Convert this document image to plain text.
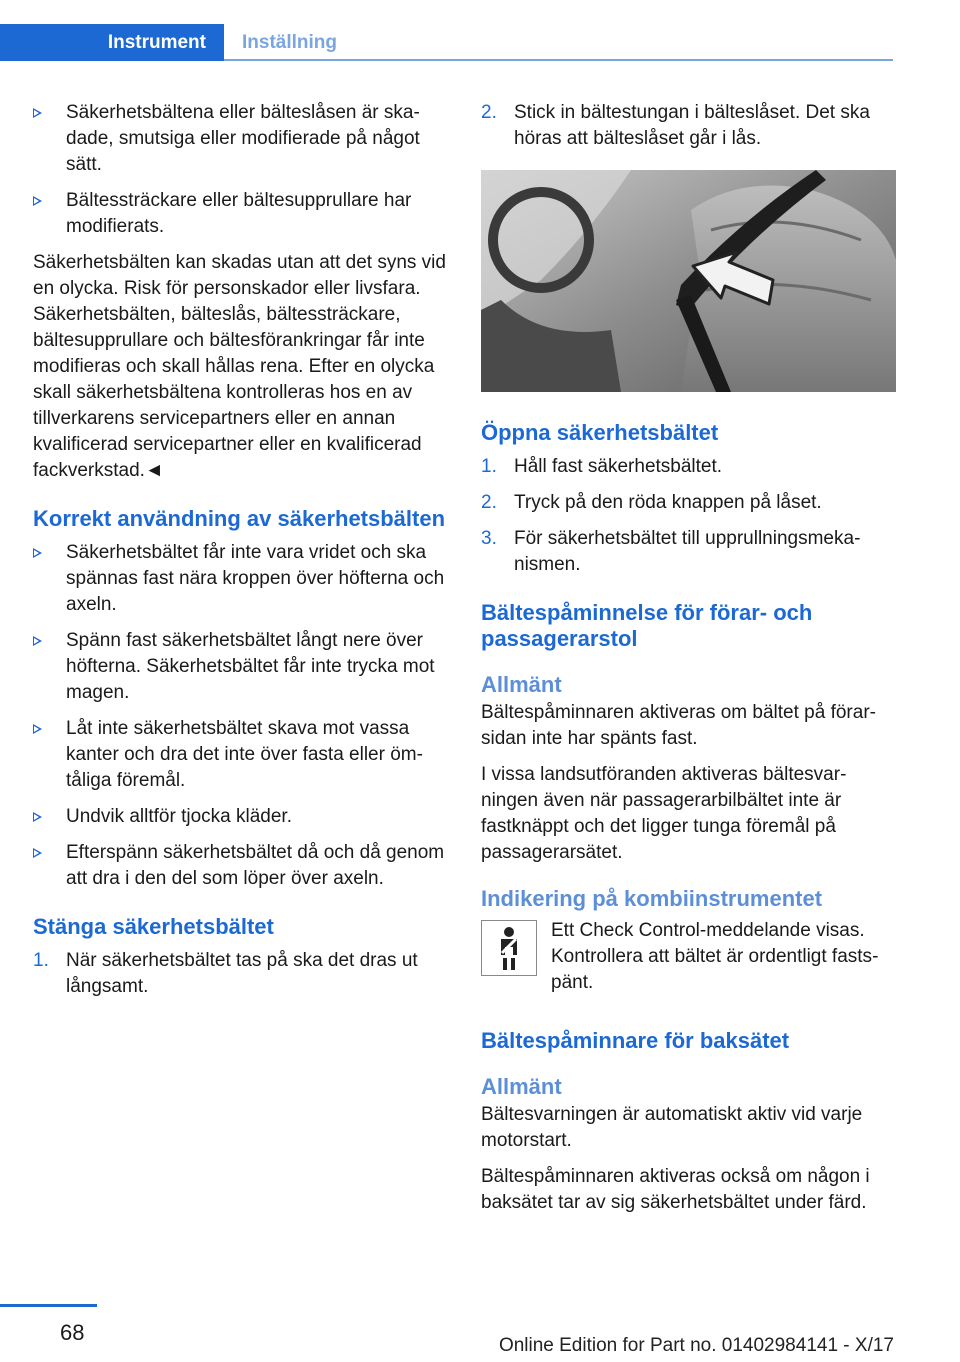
Instrument	Inställning
Säkerhetsbältena eller bälteslåsen är skadade, smutsiga eller modifierade på något sätt.
Bältessträckare eller bältesupprullare har modifierats.

Säkerhetsbälten kan skadas utan att det syns vid en olycka. Risk för personskador eller livsfara. Säkerhetsbälten, bälteslås, bältessträckare, bältesupprullare och bältesförankringar får inte modifieras och skall hållas rena. Efter en olycka skall säkerhetsbältena kontrolleras hos en av tillverkarens servicepartners eller en annan kvalificerad servicepartner eller en kvalificerad fackverkstad.◄

Korrekt användning av säkerhetsbälten
Säkerhetsbältet får inte vara vridet och ska spännas fast nära kroppen över höfterna och axeln.
Spänn fast säkerhetsbältet långt nere över höfterna. Säkerhetsbältet får inte trycka mot magen.
Låt inte säkerhetsbältet skava mot vassa kanter och dra det inte över fasta eller ömtåliga föremål.
Undvik alltför tjocka kläder.
Efterspänn säkerhetsbältet då och då genom att dra i den del som löper över axeln.
Stänga säkerhetsbältet
1. När säkerhetsbältet tas på ska det dras ut långsamt.
2. Stick in bältestungan i bälteslåset. Det ska höras att bälteslåset går i lås.
Öppna säkerhetsbältet
1. Håll fast säkerhetsbältet.
2. Tryck på den röda knappen på låset.
3. För säkerhetsbältet till upprullningsmekanismen.
Bältespåminnelse för förar- och passagerarstol
Allmänt

Bältespåminnaren aktiveras om bältet på förarsidan inte har spänts fast.

I vissa landsutföranden aktiveras bältesvarningen även när passagerarbilbältet inte är fastknäppt och det ligger tunga föremål på passagerarsätet.

Indikering på kombiinstrumentet

Ett Check Control-meddelande visas. Kontrollera att bältet är ordentligt fastspänt.

Bältespåminnare för baksätet
Allmänt

Bältesvarningen är automatiskt aktiv vid varje motorstart.

Bältespåminnaren aktiveras också om någon i baksätet tar av sig säkerhetsbältet under färd.

68
Online Edition for Part no. 01402984141 - X/17
